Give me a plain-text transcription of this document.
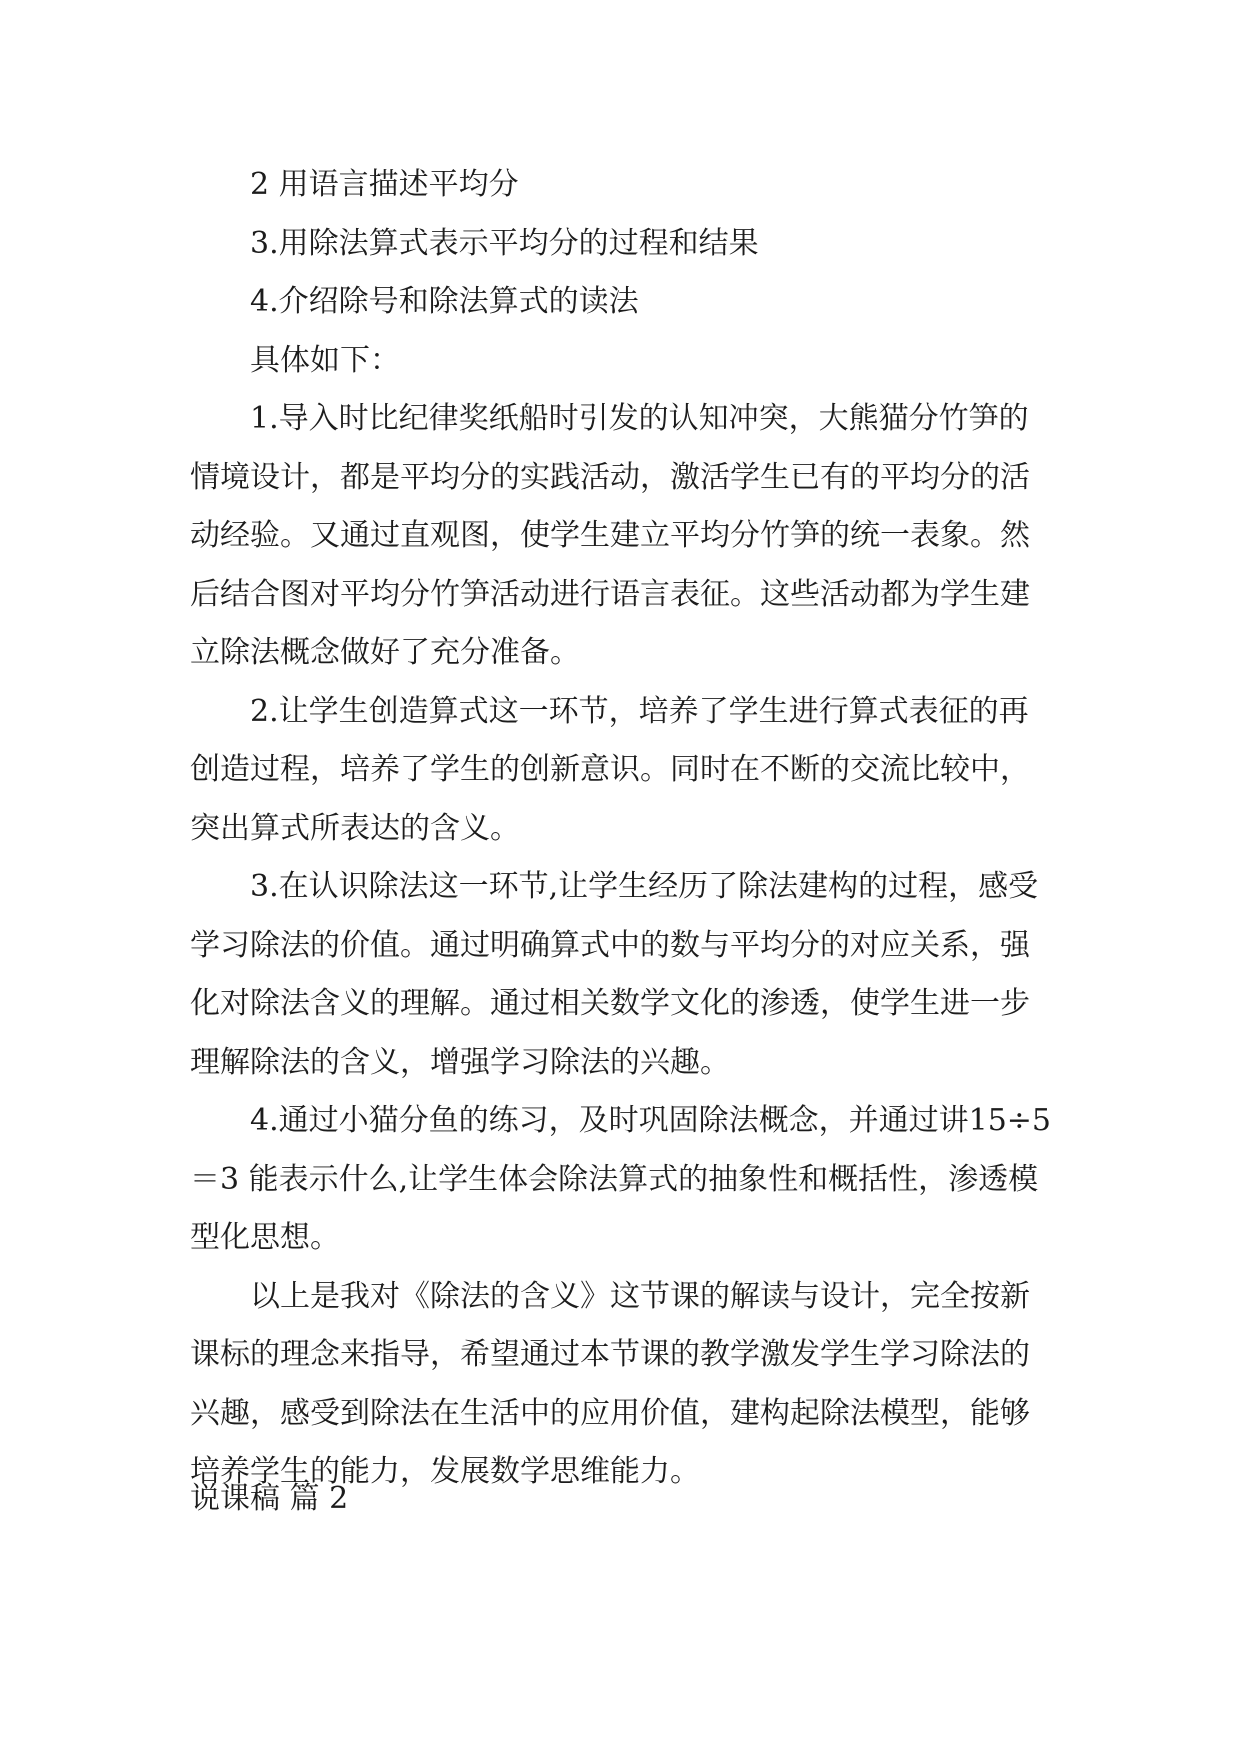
2 用语言描述平均分

3.用除法算式表示平均分的过程和结果

4.介绍除号和除法算式的读法

具体如下：

1.导入时比纪律奖纸船时引发的认知冲突，大熊猫分竹笋的情境设计，都是平均分的实践活动，激活学生已有的平均分的活动经验。又通过直观图，使学生建立平均分竹笋的统一表象。然后结合图对平均分竹笋活动进行语言表征。这些活动都为学生建立除法概念做好了充分准备。

2.让学生创造算式这一环节，培养了学生进行算式表征的再创造过程，培养了学生的创新意识。同时在不断的交流比较中，突出算式所表达的含义。

3.在认识除法这一环节,让学生经历了除法建构的过程，感受学习除法的价值。通过明确算式中的数与平均分的对应关系，强化对除法含义的理解。通过相关数学文化的渗透，使学生进一步理解除法的含义，增强学习除法的兴趣。

4.通过小猫分鱼的练习，及时巩固除法概念，并通过讲15÷5＝3 能表示什么,让学生体会除法算式的抽象性和概括性，渗透模型化思想。

以上是我对《除法的含义》这节课的解读与设计，完全按新课标的理念来指导，希望通过本节课的教学激发学生学习除法的兴趣，感受到除法在生活中的应用价值，建构起除法模型，能够培养学生的能力，发展数学思维能力。

说课稿 篇 2
